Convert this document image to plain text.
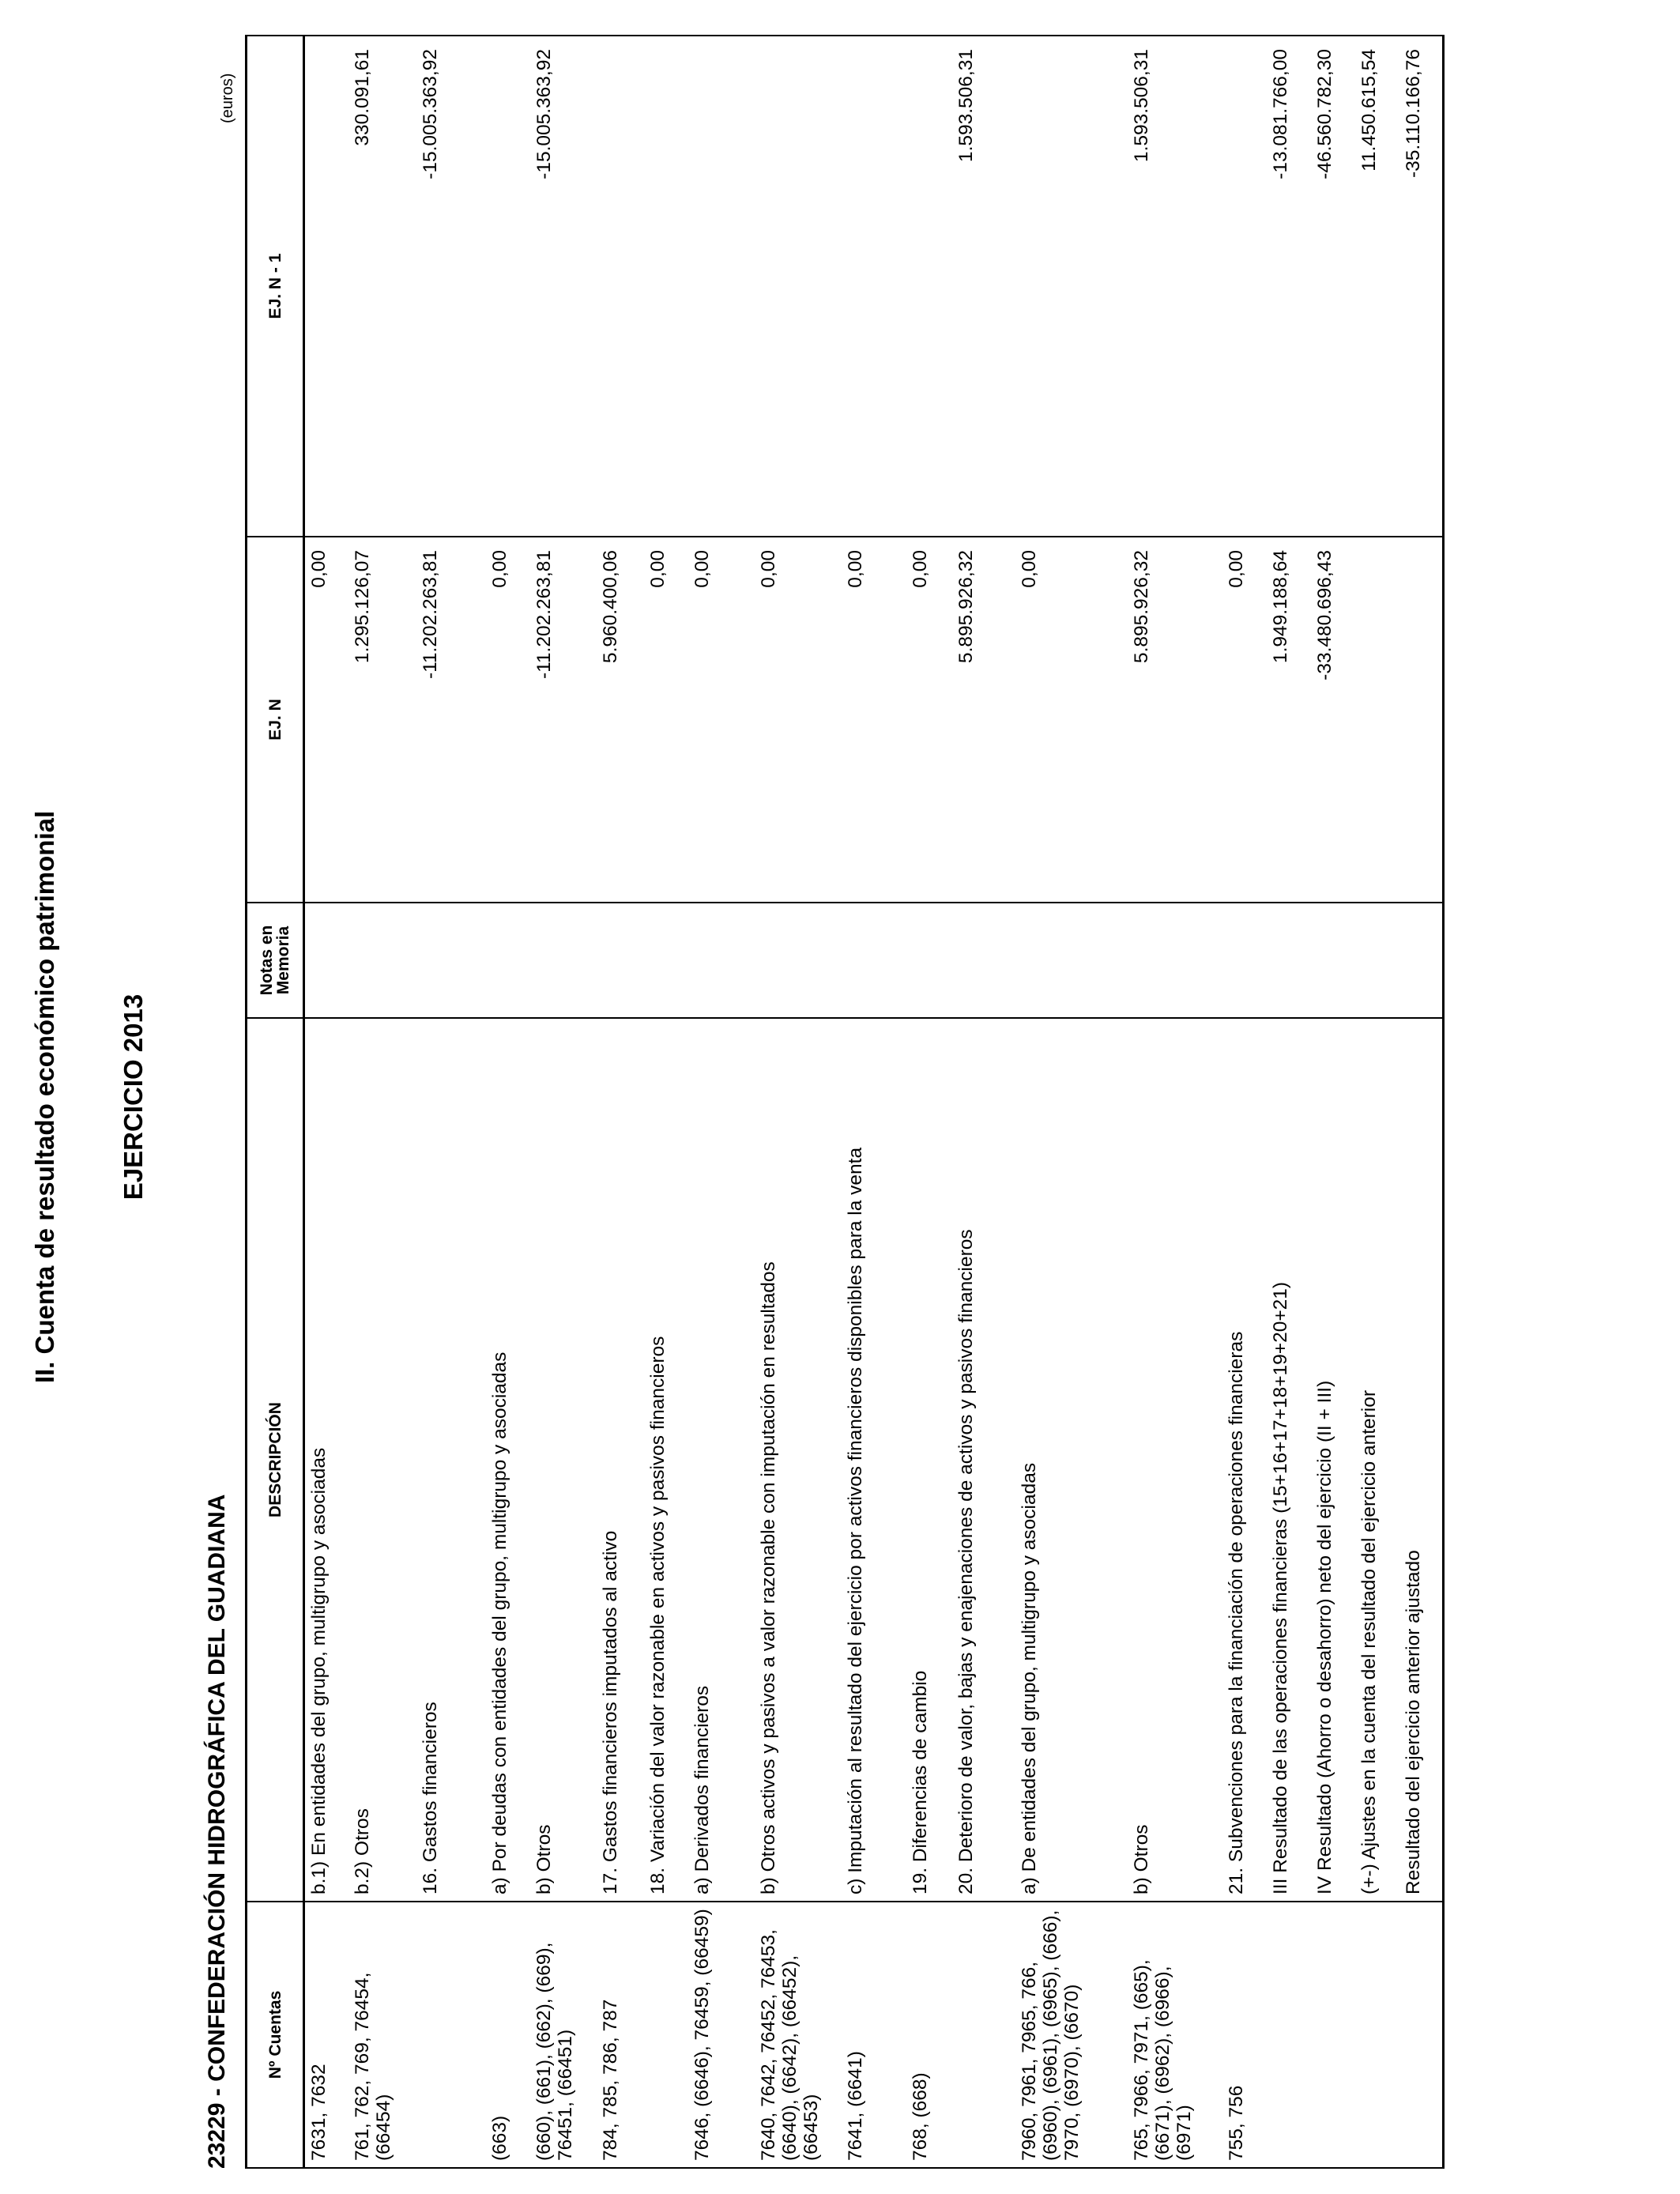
II. Cuenta de resultado económico patrimonial EJERCICIO 2013
23229 - CONFEDERACIÓN HIDROGRÁFICA DEL GUADIANA
(euros)
Nº Cuentas	DESCRIPCIÓN	Notas en Memoria	EJ. N	EJ. N - 1
7631, 7632	b.1) En entidades del grupo, multigrupo y asociadas		0,00	
761, 762, 769, 76454, (66454)	b.2) Otros		1.295.126,07	330.091,61
	16. Gastos financieros		-11.202.263,81	-15.005.363,92
(663)	a) Por deudas con entidades del grupo, multigrupo y asociadas		0,00	
(660), (661), (662), (669), 76451, (66451)	b) Otros		-11.202.263,81	-15.005.363,92
784, 785, 786, 787	17. Gastos financieros imputados al activo		5.960.400,06	
	18. Variación del valor razonable en activos y pasivos financieros		0,00	
7646, (6646), 76459, (66459)	a) Derivados financieros		0,00	
7640, 7642, 76452, 76453, (6640), (6642), (66452), (66453)	b) Otros activos y pasivos a valor razonable con imputación en resultados		0,00	
7641, (6641)	c) Imputación al resultado del ejercicio por activos financieros disponibles para la venta		0,00	
768, (668)	19. Diferencias de cambio		0,00	
	20. Deterioro de valor, bajas y enajenaciones de activos y pasivos financieros		5.895.926,32	1.593.506,31
7960, 7961, 7965, 766, (6960), (6961), (6965), (666), 7970, (6970), (6670)	a) De entidades del grupo, multigrupo y asociadas		0,00	
765, 7966, 7971, (665), (6671), (6962), (6966), (6971)	b) Otros		5.895.926,32	1.593.506,31
755, 756	21. Subvenciones para la financiación de operaciones financieras		0,00	
	III Resultado de las operaciones financieras (15+16+17+18+19+20+21)		1.949.188,64	-13.081.766,00
	IV Resultado (Ahorro o desahorro) neto del ejercicio (II + III)		-33.480.696,43	-46.560.782,30
	(+-) Ajustes en la cuenta del resultado del ejercicio anterior			11.450.615,54
	Resultado del ejercicio anterior ajustado			-35.110.166,76
